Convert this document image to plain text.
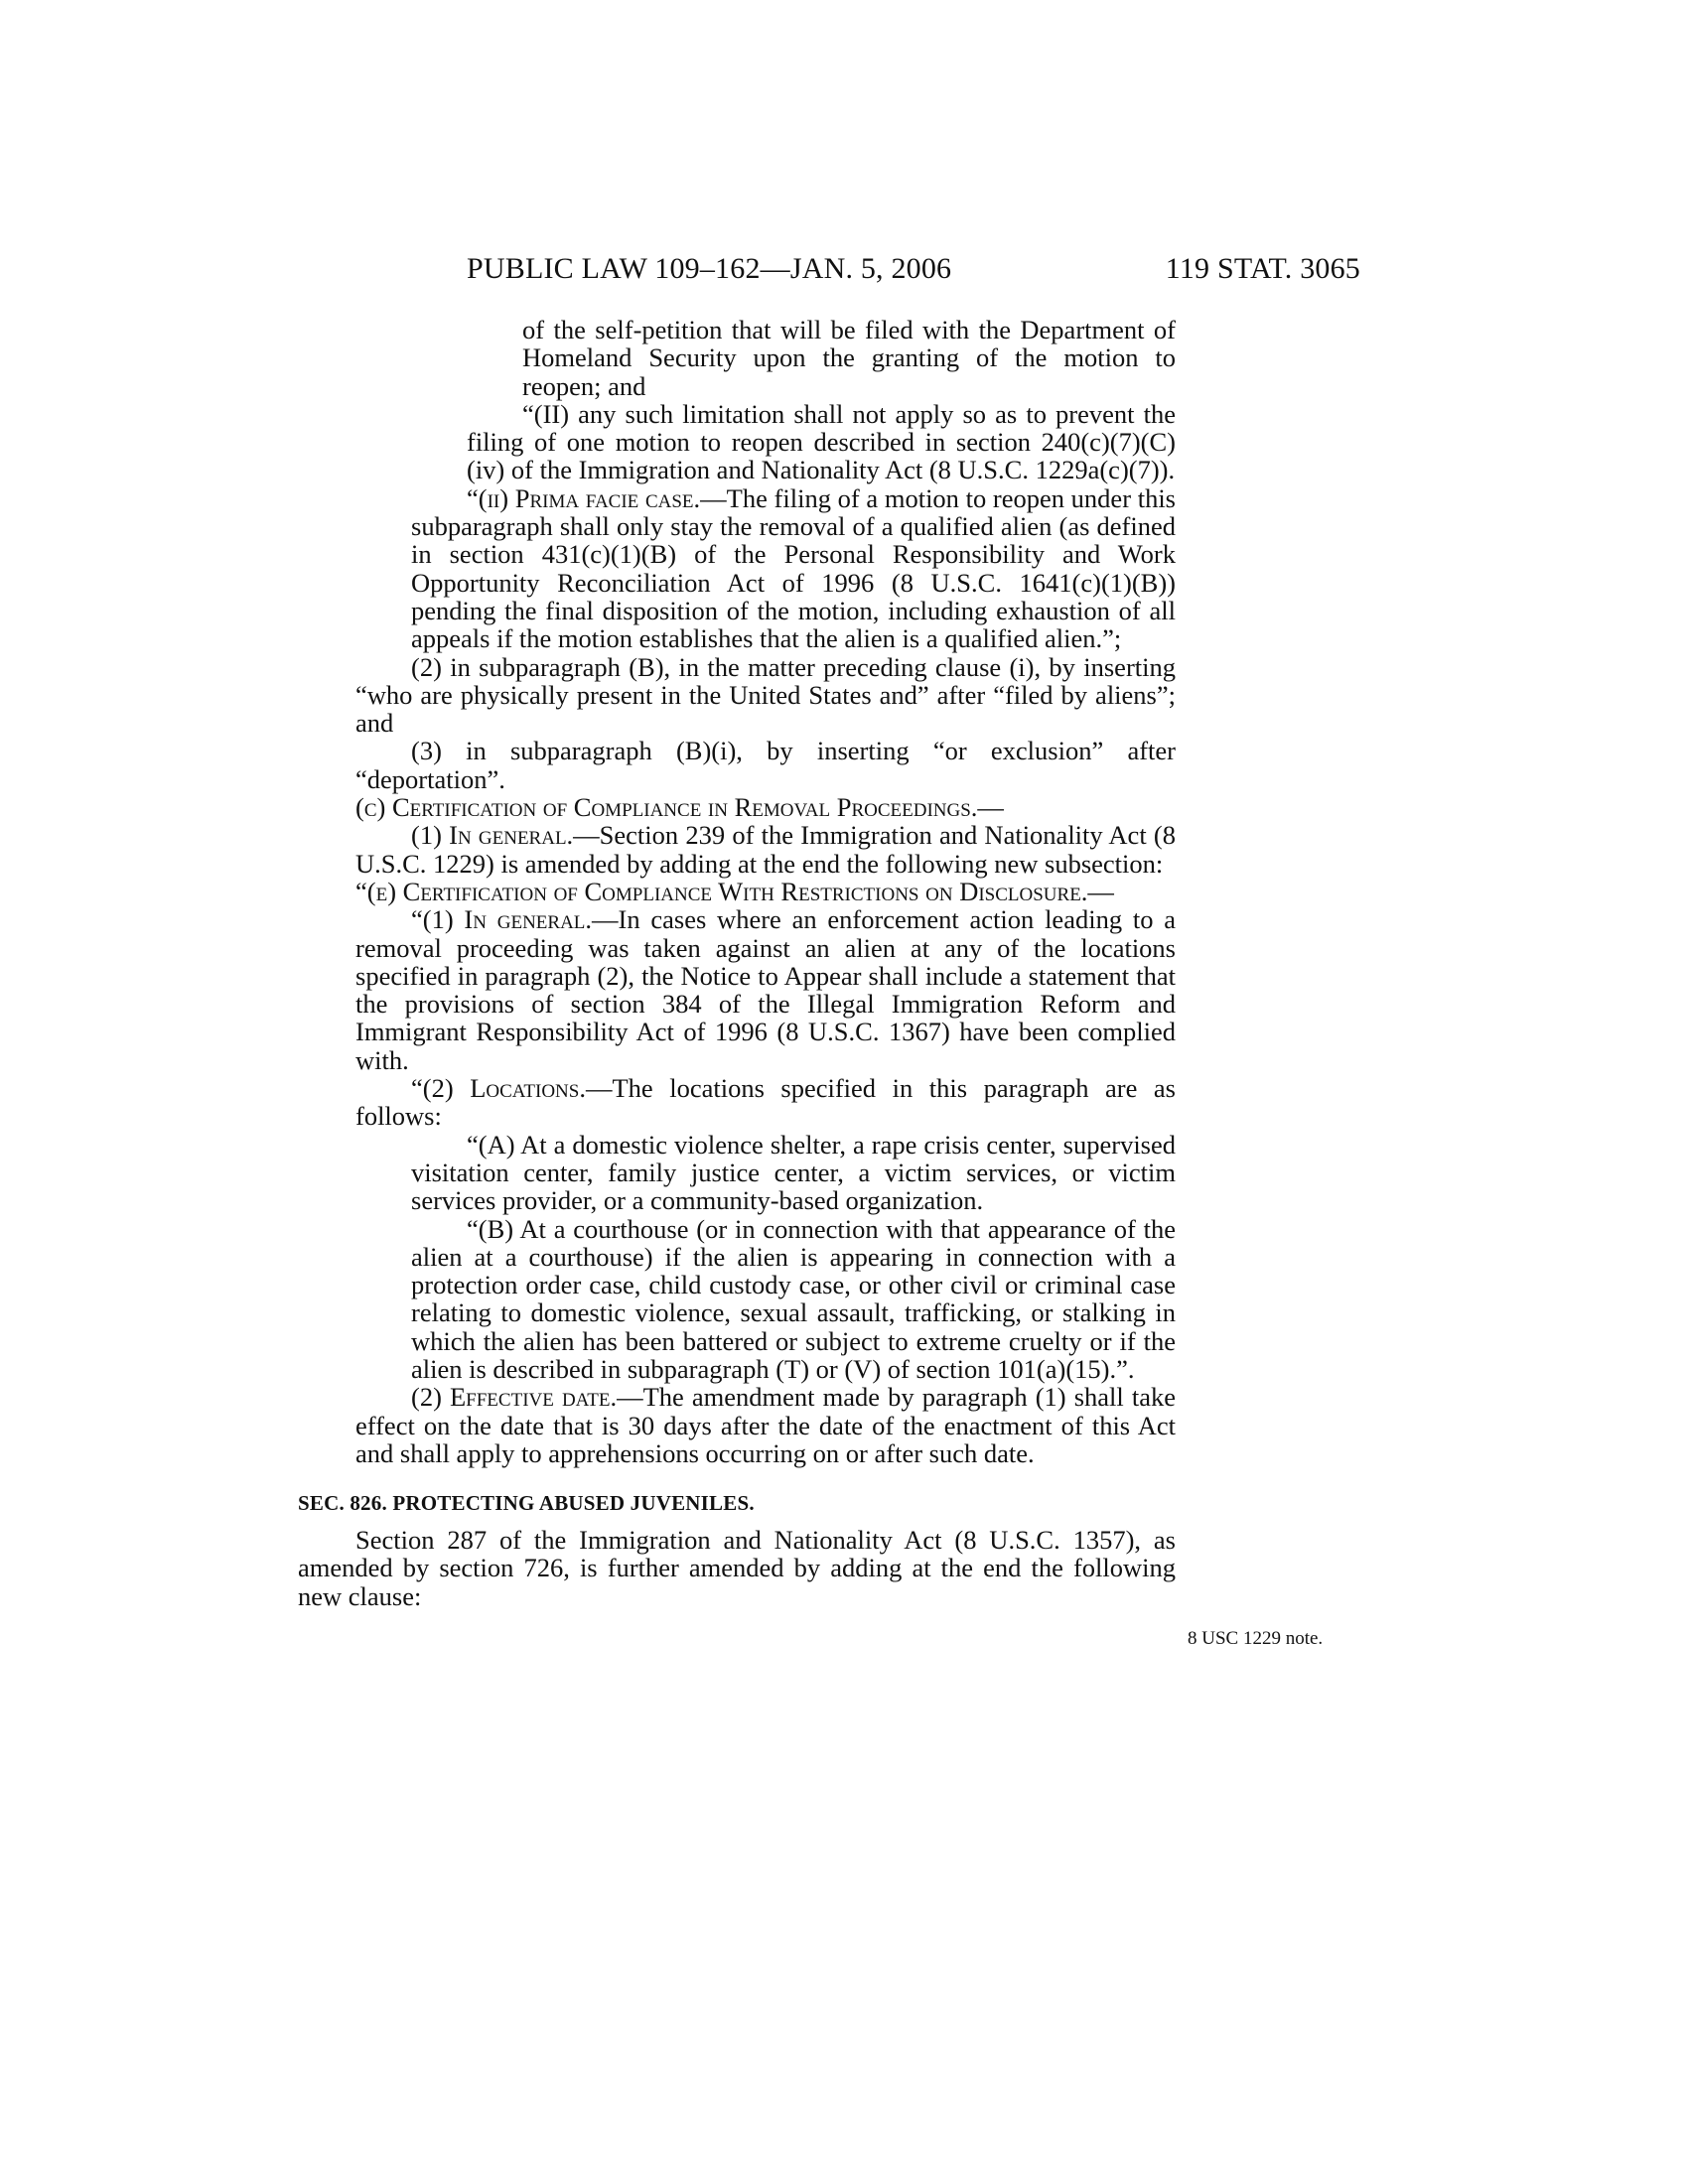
PUBLIC LAW 109–162—JAN. 5, 2006	119 STAT. 3065

of the self-petition that will be filed with the Department of Homeland Security upon the granting of the motion to reopen; and

“(II) any such limitation shall not apply so as to prevent the filing of one motion to reopen described in section 240(c)(7)(C)(iv) of the Immigration and Nationality Act (8 U.S.C. 1229a(c)(7)).

“(ii) Prima facie case.—The filing of a motion to reopen under this subparagraph shall only stay the removal of a qualified alien (as defined in section 431(c)(1)(B) of the Personal Responsibility and Work Opportunity Reconciliation Act of 1996 (8 U.S.C. 1641(c)(1)(B)) pending the final disposition of the motion, including exhaustion of all appeals if the motion establishes that the alien is a qualified alien.”;

(2) in subparagraph (B), in the matter preceding clause (i), by inserting “who are physically present in the United States and” after “filed by aliens”; and

(3) in subparagraph (B)(i), by inserting “or exclusion” after “deportation”.

(c) Certification of Compliance in Removal Proceedings.—

(1) In general.—Section 239 of the Immigration and Nationality Act (8 U.S.C. 1229) is amended by adding at the end the following new subsection:

“(e) Certification of Compliance With Restrictions on Disclosure.—

“(1) In general.—In cases where an enforcement action leading to a removal proceeding was taken against an alien at any of the locations specified in paragraph (2), the Notice to Appear shall include a statement that the provisions of section 384 of the Illegal Immigration Reform and Immigrant Responsibility Act of 1996 (8 U.S.C. 1367) have been complied with.

“(2) Locations.—The locations specified in this paragraph are as follows:

“(A) At a domestic violence shelter, a rape crisis center, supervised visitation center, family justice center, a victim services, or victim services provider, or a community-based organization.

“(B) At a courthouse (or in connection with that appearance of the alien at a courthouse) if the alien is appearing in connection with a protection order case, child custody case, or other civil or criminal case relating to domestic violence, sexual assault, trafficking, or stalking in which the alien has been battered or subject to extreme cruelty or if the alien is described in subparagraph (T) or (V) of section 101(a)(15).”.

(2) Effective date.—The amendment made by paragraph (1) shall take effect on the date that is 30 days after the date of the enactment of this Act and shall apply to apprehensions occurring on or after such date.

SEC. 826. PROTECTING ABUSED JUVENILES.

Section 287 of the Immigration and Nationality Act (8 U.S.C. 1357), as amended by section 726, is further amended by adding at the end the following new clause:

8 USC 1229 note.
